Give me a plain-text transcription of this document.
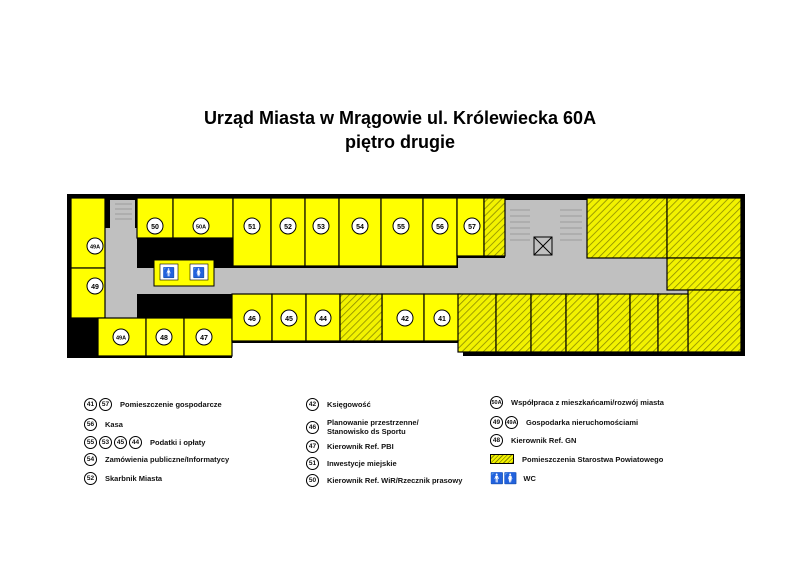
Urząd Miasta w Mrągowie ul. Królewiecka 60A
piętro drugie
🚹 🚺
50	50A	51	52	53	54	55	56	57
49A
49
49A	48	47
46	45	44	42	41
41	57	Pomieszczenie gospodarcze
56	Kasa
55	53	45	44	Podatki i opłaty
54	Zamówienia publiczne/Informatycy
52	Skarbnik Miasta
42	Księgowość
46	Planowanie przestrzenne/
Stanowisko ds Sportu
47	Kierownik Ref. PBI
51	Inwestycje miejskie
50	Kierownik Ref. WiR/Rzecznik prasowy
50A Współpraca z mieszkańcami/rozwój miasta
49	49A Gospodarka nieruchomościami
48	Kierownik Ref. GN
Pomieszczenia Starostwa Powiatowego
🚹🚺 WC
